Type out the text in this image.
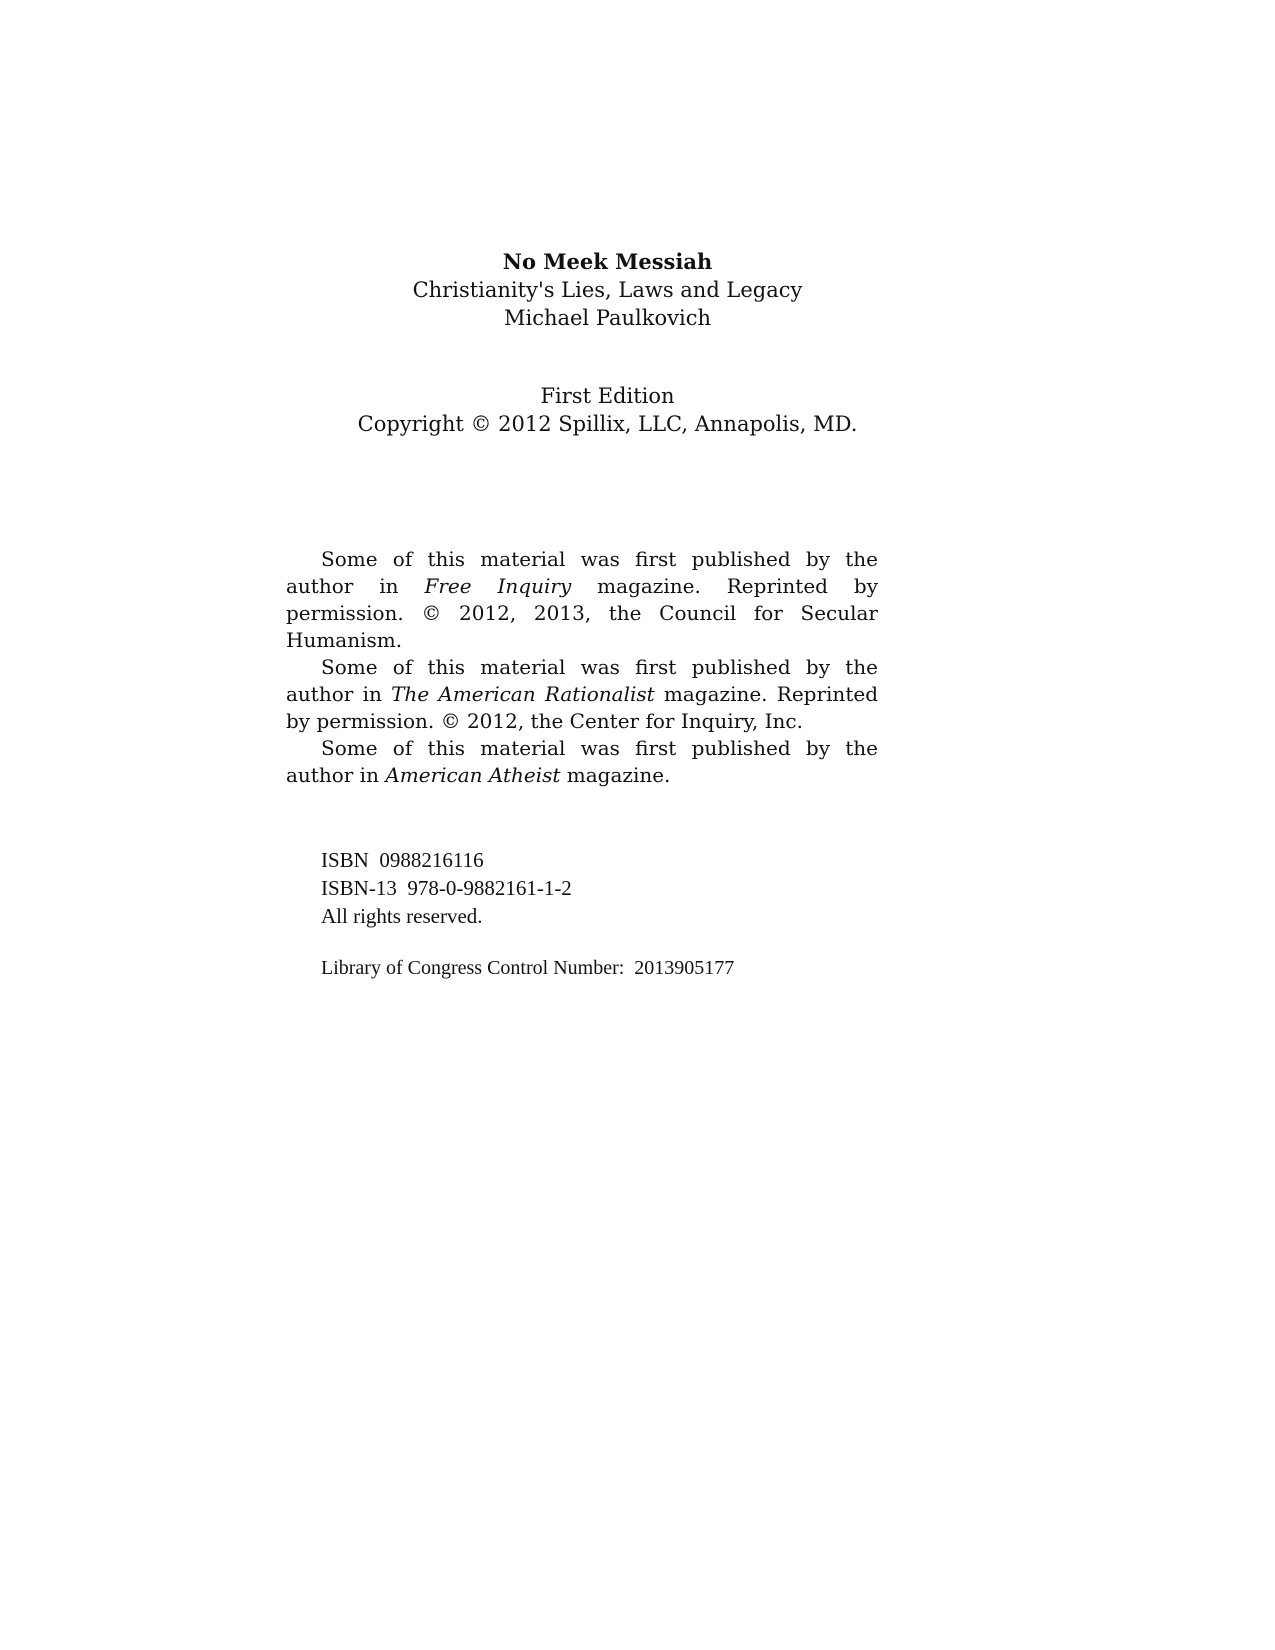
No Meek Messiah
Christianity's Lies, Laws and Legacy
Michael Paulkovich
First Edition
Copyright © 2012 Spillix, LLC, Annapolis, MD.

Some of this material was first published by the author in Free Inquiry magazine. Reprinted by permission. © 2012, 2013, the Council for Secular Humanism.

Some of this material was first published by the author in The American Rationalist magazine. Reprinted by permission. © 2012, the Center for Inquiry, Inc.

Some of this material was first published by the author in American Atheist magazine.

ISBN  0988216116
ISBN-13  978-0-9882161-1-2
All rights reserved.
Library of Congress Control Number:  2013905177
